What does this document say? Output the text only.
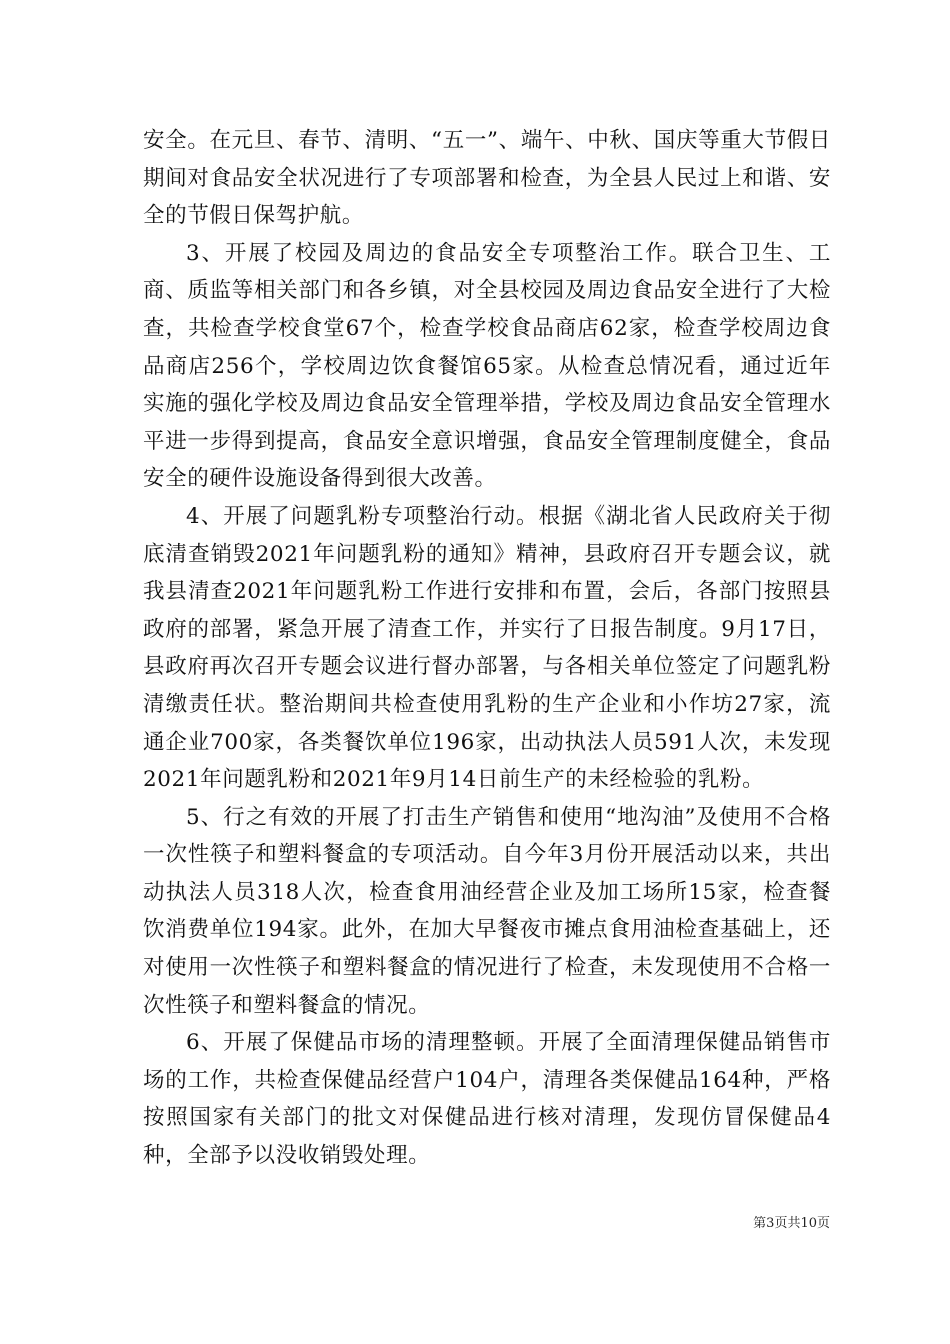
安全。在元旦、春节、清明、“五一”、端午、中秋、国庆等重大节假日期间对食品安全状况进行了专项部署和检查，为全县人民过上和谐、安全的节假日保驾护航。

3、开展了校园及周边的食品安全专项整治工作。联合卫生、工商、质监等相关部门和各乡镇，对全县校园及周边食品安全进行了大检查，共检查学校食堂67个，检查学校食品商店62家，检查学校周边食品商店256个，学校周边饮食餐馆65家。从检查总情况看，通过近年实施的强化学校及周边食品安全管理举措，学校及周边食品安全管理水平进一步得到提高，食品安全意识增强，食品安全管理制度健全，食品安全的硬件设施设备得到很大改善。

4、开展了问题乳粉专项整治行动。根据《湖北省人民政府关于彻底清查销毁2021年问题乳粉的通知》精神，县政府召开专题会议，就我县清查2021年问题乳粉工作进行安排和布置，会后，各部门按照县政府的部署，紧急开展了清查工作，并实行了日报告制度。9月17日，县政府再次召开专题会议进行督办部署，与各相关单位签定了问题乳粉清缴责任状。整治期间共检查使用乳粉的生产企业和小作坊27家，流通企业700家，各类餐饮单位196家，出动执法人员591人次，未发现2021年问题乳粉和2021年9月14日前生产的未经检验的乳粉。

5、行之有效的开展了打击生产销售和使用“地沟油”及使用不合格一次性筷子和塑料餐盒的专项活动。自今年3月份开展活动以来，共出动执法人员318人次，检查食用油经营企业及加工场所15家，检查餐饮消费单位194家。此外，在加大早餐夜市摊点食用油检查基础上，还对使用一次性筷子和塑料餐盒的情况进行了检查，未发现使用不合格一次性筷子和塑料餐盒的情况。

6、开展了保健品市场的清理整顿。开展了全面清理保健品销售市场的工作，共检查保健品经营户104户，清理各类保健品164种，严格按照国家有关部门的批文对保健品进行核对清理，发现仿冒保健品4种，全部予以没收销毁处理。

第3页共10页
